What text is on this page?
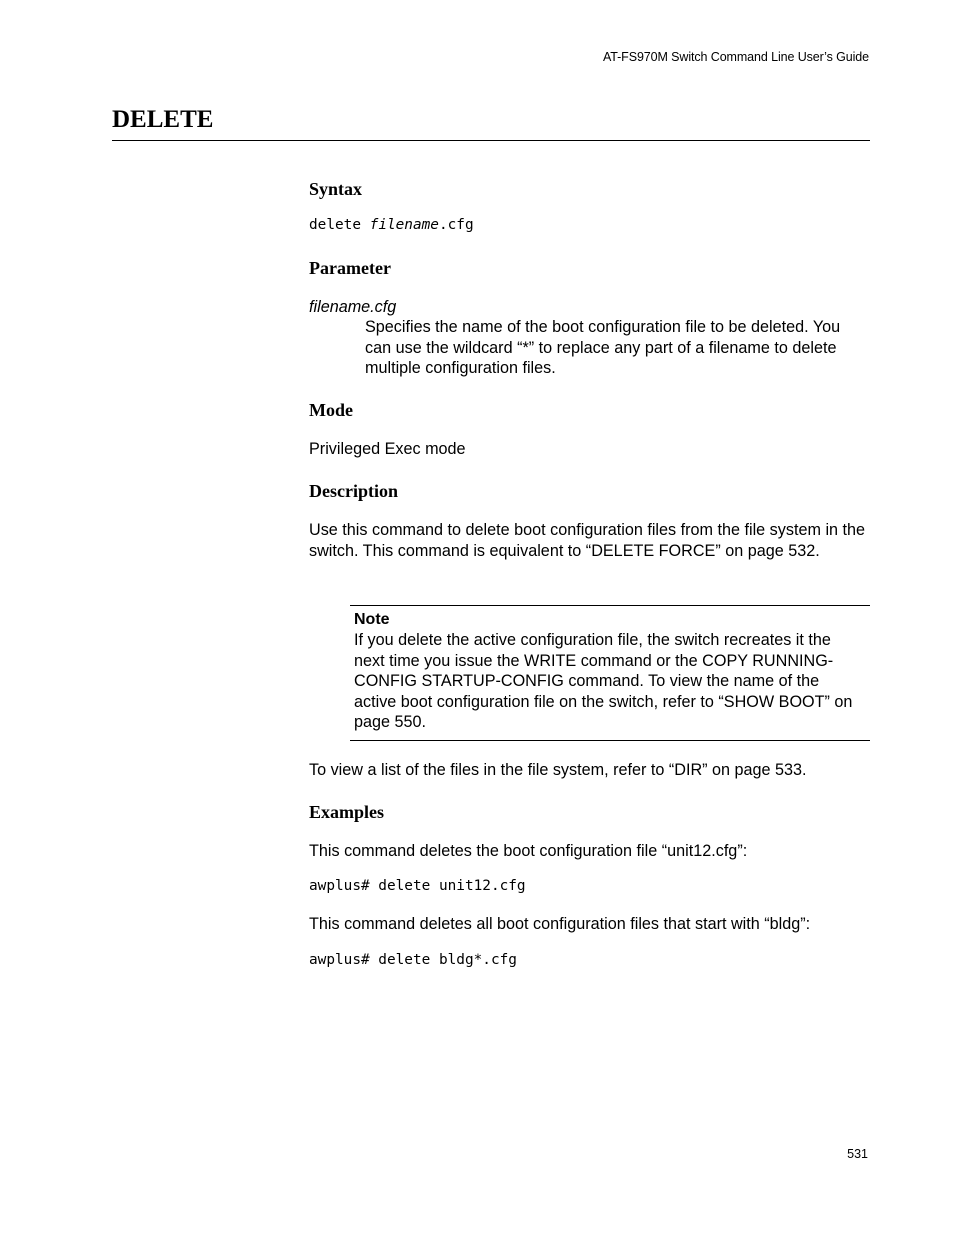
AT-FS970M Switch Command Line User’s Guide
DELETE
Syntax
delete filename.cfg
Parameter

filename.cfg

Specifies the name of the boot configuration file to be deleted. You can use the wildcard “*” to replace any part of a filename to delete multiple configuration files.

Mode

Privileged Exec mode

Description

Use this command to delete boot configuration files from the file system in the switch. This command is equivalent to “DELETE FORCE” on page 532.

Note

If you delete the active configuration file, the switch recreates it the next time you issue the WRITE command or the COPY RUNNING-CONFIG STARTUP-CONFIG command. To view the name of the active boot configuration file on the switch, refer to “SHOW BOOT” on page 550.

To view a list of the files in the file system, refer to “DIR” on page 533.

Examples

This command deletes the boot configuration file “unit12.cfg”:

awplus# delete unit12.cfg

This command deletes all boot configuration files that start with “bldg”:

awplus# delete bldg*.cfg
531
